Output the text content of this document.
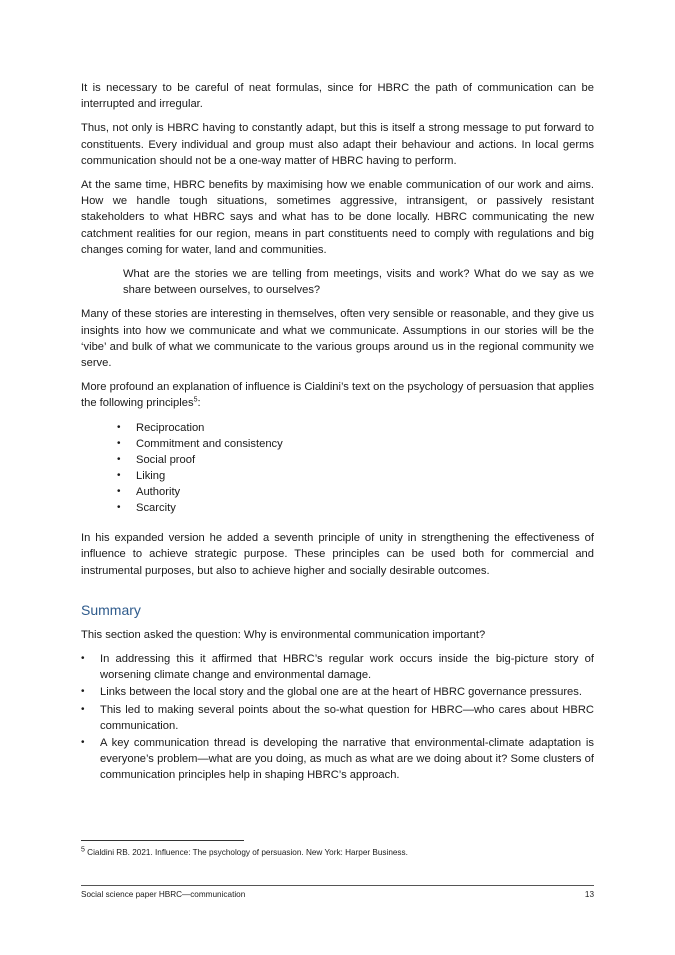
It is necessary to be careful of neat formulas, since for HBRC the path of communication can be interrupted and irregular.

Thus, not only is HBRC having to constantly adapt, but this is itself a strong message to put forward to constituents. Every individual and group must also adapt their behaviour and actions. In local germs communication should not be a one-way matter of HBRC having to perform.

At the same time, HBRC benefits by maximising how we enable communication of our work and aims. How we handle tough situations, sometimes aggressive, intransigent, or passively resistant stakeholders to what HBRC says and what has to be done locally. HBRC communicating the new catchment realities for our region, means in part constituents need to comply with regulations and big changes coming for water, land and communities.

What are the stories we are telling from meetings, visits and work? What do we say as we share between ourselves, to ourselves?

Many of these stories are interesting in themselves, often very sensible or reasonable, and they give us insights into how we communicate and what we communicate. Assumptions in our stories will be the ‘vibe’ and bulk of what we communicate to the various groups around us in the regional community we serve.

More profound an explanation of influence is Cialdini’s text on the psychology of persuasion that applies the following principles$^5$:

•	Reciprocation
•	Commitment and consistency
•	Social proof
•	Liking
•	Authority
•	Scarcity

In his expanded version he added a seventh principle of unity in strengthening the effectiveness of influence to achieve strategic purpose. These principles can be used both for commercial and instrumental purposes, but also to achieve higher and socially desirable outcomes.

Summary

This section asked the question: Why is environmental communication important?

•	In addressing this it affirmed that HBRC’s regular work occurs inside the big-picture story of worsening climate change and environmental damage.
•	Links between the local story and the global one are at the heart of HBRC governance pressures.
•	This led to making several points about the so-what question for HBRC—who cares about HBRC communication.
•	A key communication thread is developing the narrative that environmental-climate adaptation is everyone’s problem—what are you doing, as much as what are we doing about it? Some clusters of communication principles help in shaping HBRC’s approach.
$^5$ Cialdini RB. 2021. Influence: The psychology of persuasion. New York: Harper Business.
Social science paper HBRC—communication	13
